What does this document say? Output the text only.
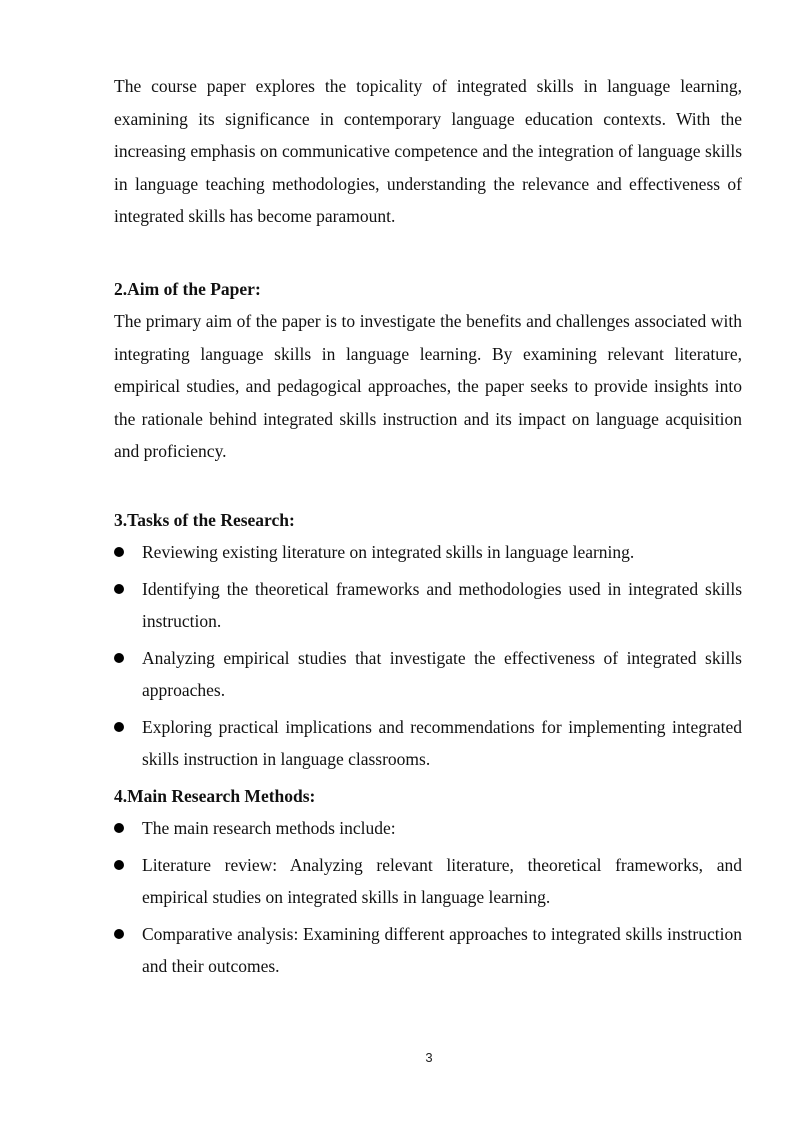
The course paper explores the topicality of integrated skills in language learning, examining its significance in contemporary language education contexts. With the increasing emphasis on communicative competence and the integration of language skills in language teaching methodologies, understanding the relevance and effectiveness of integrated skills has become paramount.

2.Aim of the Paper:

The primary aim of the paper is to investigate the benefits and challenges associated with integrating language skills in language learning. By examining relevant literature, empirical studies, and pedagogical approaches, the paper seeks to provide insights into the rationale behind integrated skills instruction and its impact on language acquisition and proficiency.

3.Tasks of the Research:
Reviewing existing literature on integrated skills in language learning.
Identifying the theoretical frameworks and methodologies used in integrated skills instruction.
Analyzing empirical studies that investigate the effectiveness of integrated skills approaches.
Exploring practical implications and recommendations for implementing integrated skills instruction in language classrooms.
4.Main Research Methods:
The main research methods include:
Literature review: Analyzing relevant literature, theoretical frameworks, and empirical studies on integrated skills in language learning.
Comparative analysis: Examining different approaches to integrated skills instruction and their outcomes.
3
